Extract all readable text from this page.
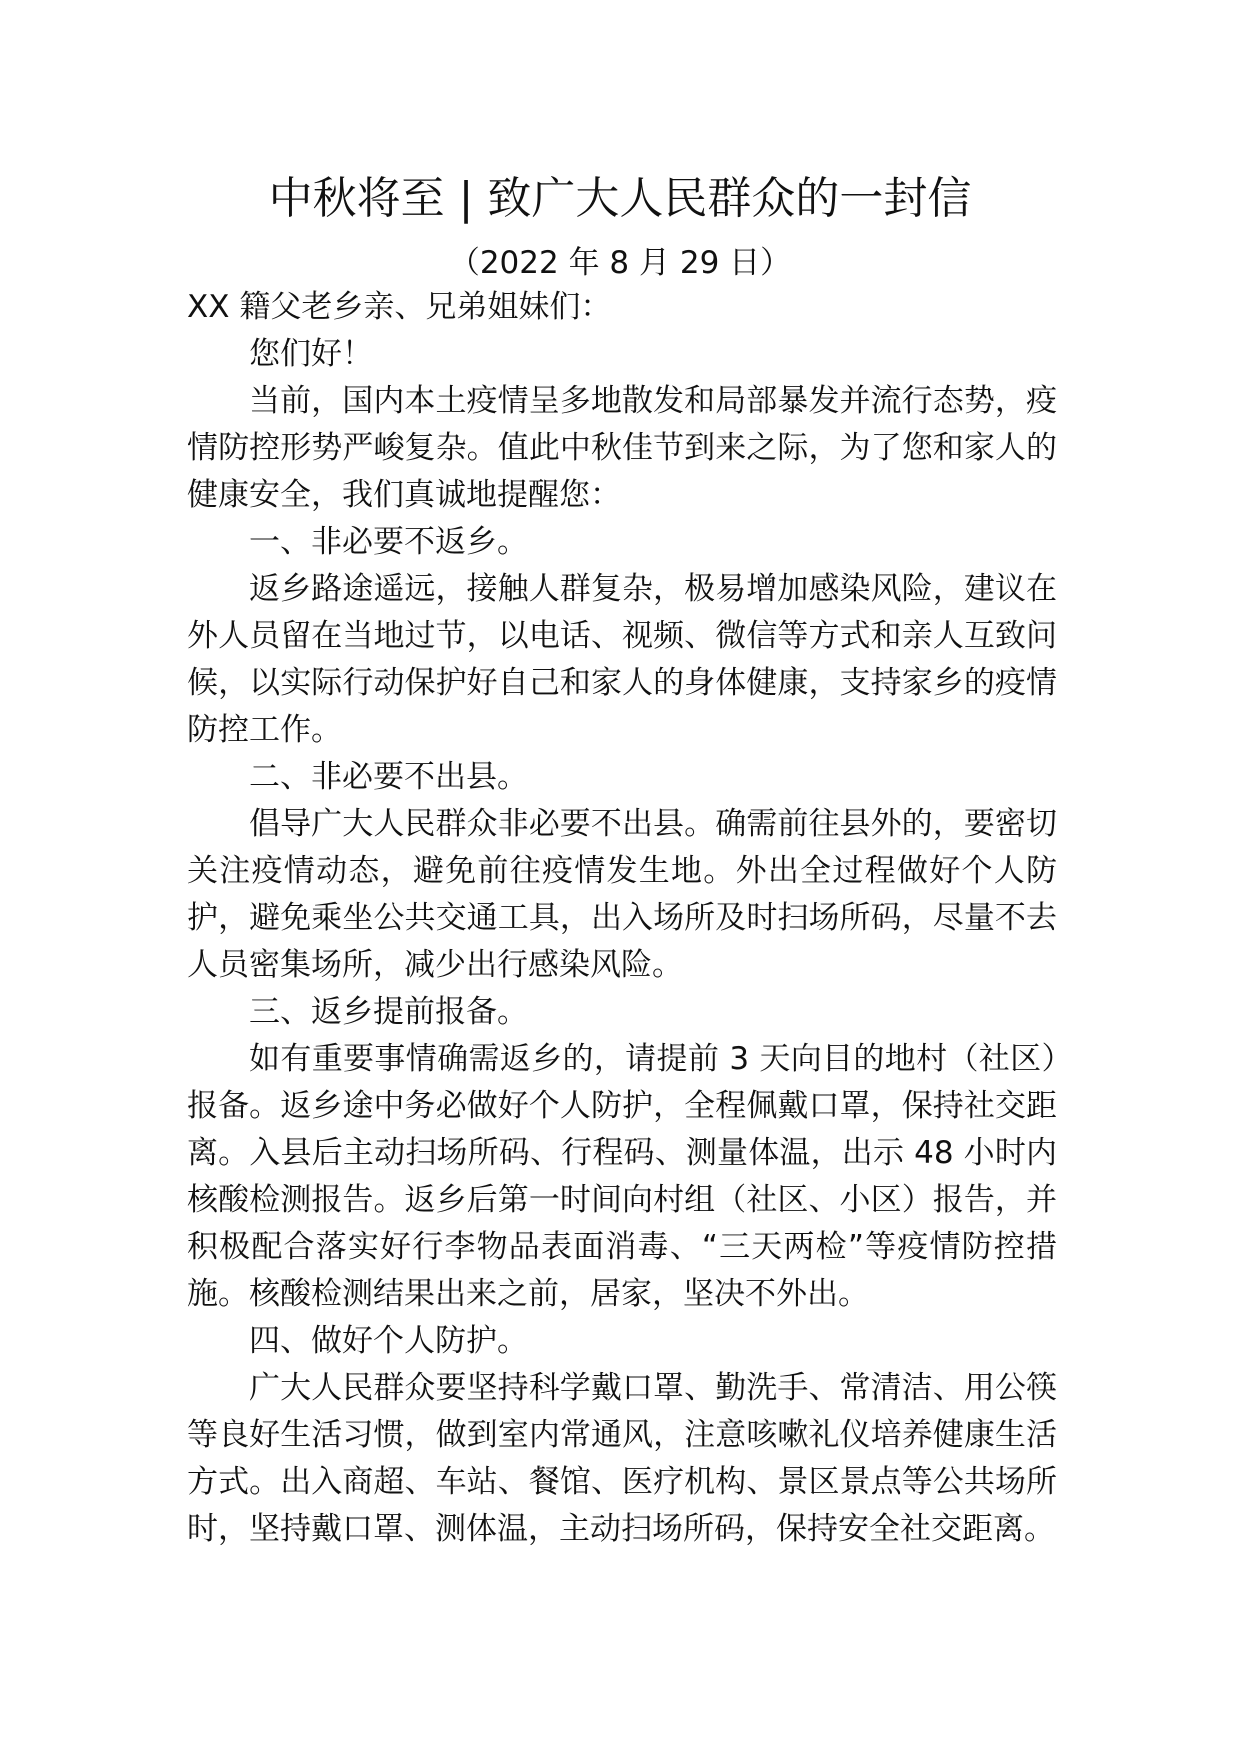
中秋将至 | 致广大人民群众的一封信

（2022 年 8 月 29 日）

XX 籍父老乡亲、兄弟姐妹们：

您们好！

当前，国内本土疫情呈多地散发和局部暴发并流行态势，疫情防控形势严峻复杂。值此中秋佳节到来之际，为了您和家人的健康安全，我们真诚地提醒您：

一、非必要不返乡。

返乡路途遥远，接触人群复杂，极易增加感染风险，建议在外人员留在当地过节，以电话、视频、微信等方式和亲人互致问候，以实际行动保护好自己和家人的身体健康，支持家乡的疫情防控工作。

二、非必要不出县。

倡导广大人民群众非必要不出县。确需前往县外的，要密切关注疫情动态，避免前往疫情发生地。外出全过程做好个人防护，避免乘坐公共交通工具，出入场所及时扫场所码，尽量不去人员密集场所，减少出行感染风险。

三、返乡提前报备。

如有重要事情确需返乡的，请提前 3 天向目的地村（社区）报备。返乡途中务必做好个人防护，全程佩戴口罩，保持社交距离。入县后主动扫场所码、行程码、测量体温，出示 48 小时内核酸检测报告。返乡后第一时间向村组（社区、小区）报告，并积极配合落实好行李物品表面消毒、“三天两检”等疫情防控措施。核酸检测结果出来之前，居家，坚决不外出。

四、做好个人防护。

广大人民群众要坚持科学戴口罩、勤洗手、常清洁、用公筷等良好生活习惯，做到室内常通风，注意咳嗽礼仪培养健康生活方式。出入商超、车站、餐馆、医疗机构、景区景点等公共场所时，坚持戴口罩、测体温，主动扫场所码，保持安全社交距离。
